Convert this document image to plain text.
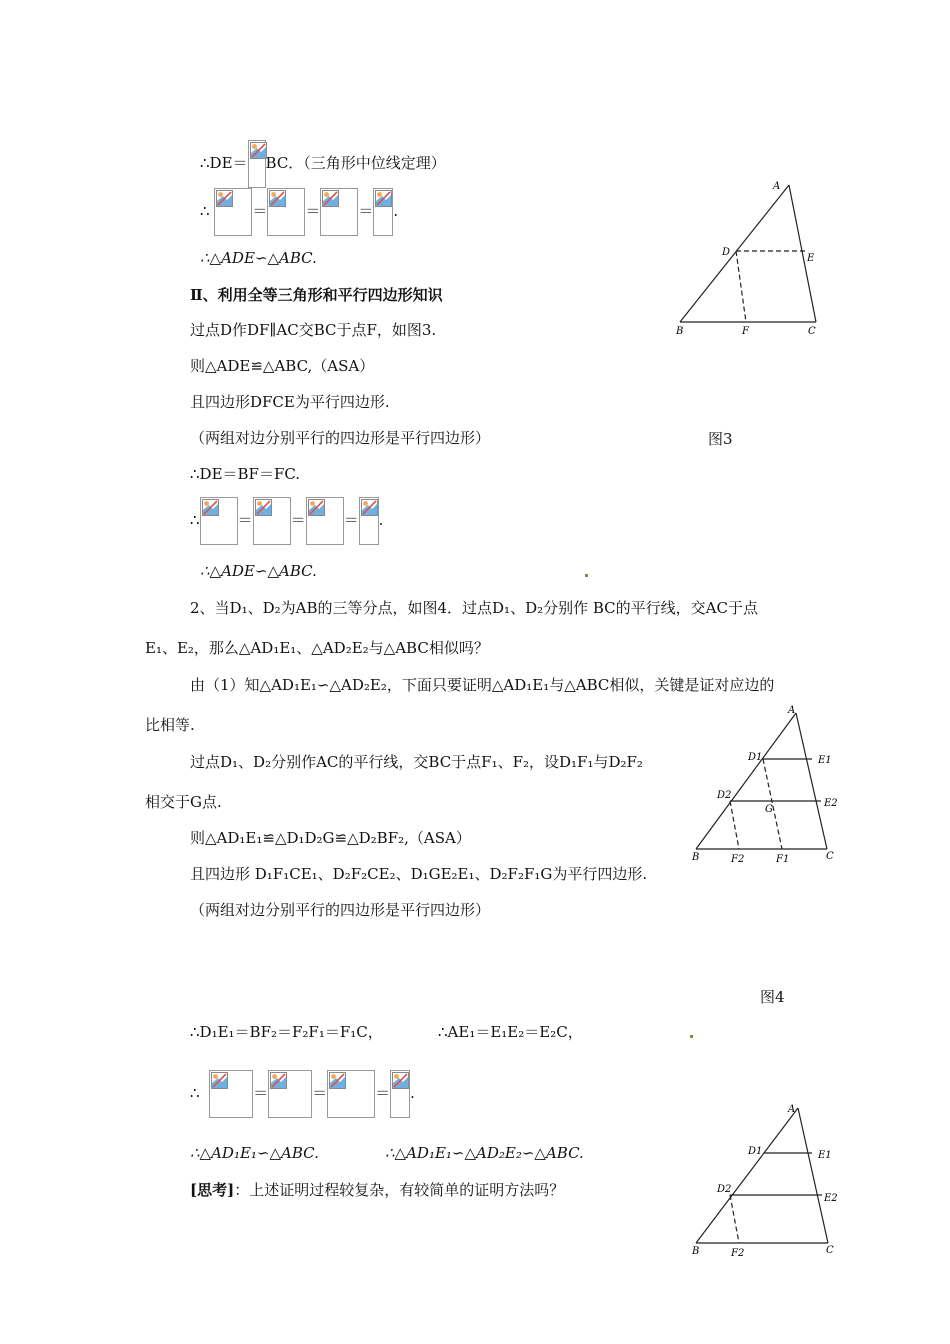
∴DE＝ BC．（三角形中位线定理）
∴	＝	＝	＝ .
∴△ADE∽△ABC.
Ⅱ、利用全等三角形和平行四边形知识
过点D作DF∥AC交BC于点F，如图3.
则△ADE≌△ABC,（ASA）
且四边形DFCE为平行四边形.
（两组对边分别平行的四边形是平行四边形）	图3
∴DE＝BF＝FC.
∴	＝	＝	＝ .
∴△ADE∽△ABC.
2、当D₁、D₂为AB的三等分点，如图4．过点D₁、D₂分别作 BC的平行线，交AC于点
E₁、E₂，那么△AD₁E₁、△AD₂E₂与△ABC相似吗？
由（1）知△AD₁E₁∽△AD₂E₂，下面只要证明△AD₁E₁与△ABC相似，关键是证对应边的
比相等.
过点D₁、D₂分别作AC的平行线，交BC于点F₁、F₂，设D₁F₁与D₂F₂
相交于G点.
则△AD₁E₁≌△D₁D₂G≌△D₂BF₂,（ASA）
且四边形 D₁F₁CE₁、D₂F₂CE₂、D₁GE₂E₁、D₂F₂F₁G为平行四边形.
（两组对边分别平行的四边形是平行四边形）
图4
∴D₁E₁＝BF₂＝F₂F₁＝F₁C，	∴AE₁＝E₁E₂＝E₂C，
∴	＝	＝	＝ .
∴△AD₁E₁∽△ABC.	∴△AD₁E₁∽△AD₂E₂∽△ABC.
[思考]：上述证明过程较复杂，有较简单的证明方法吗？
A
D
E
B	F	C
A
D1	E1
D2
G
E2
B	F2	F1	C
A
D1	E1
D2
E2
B	F2	C
